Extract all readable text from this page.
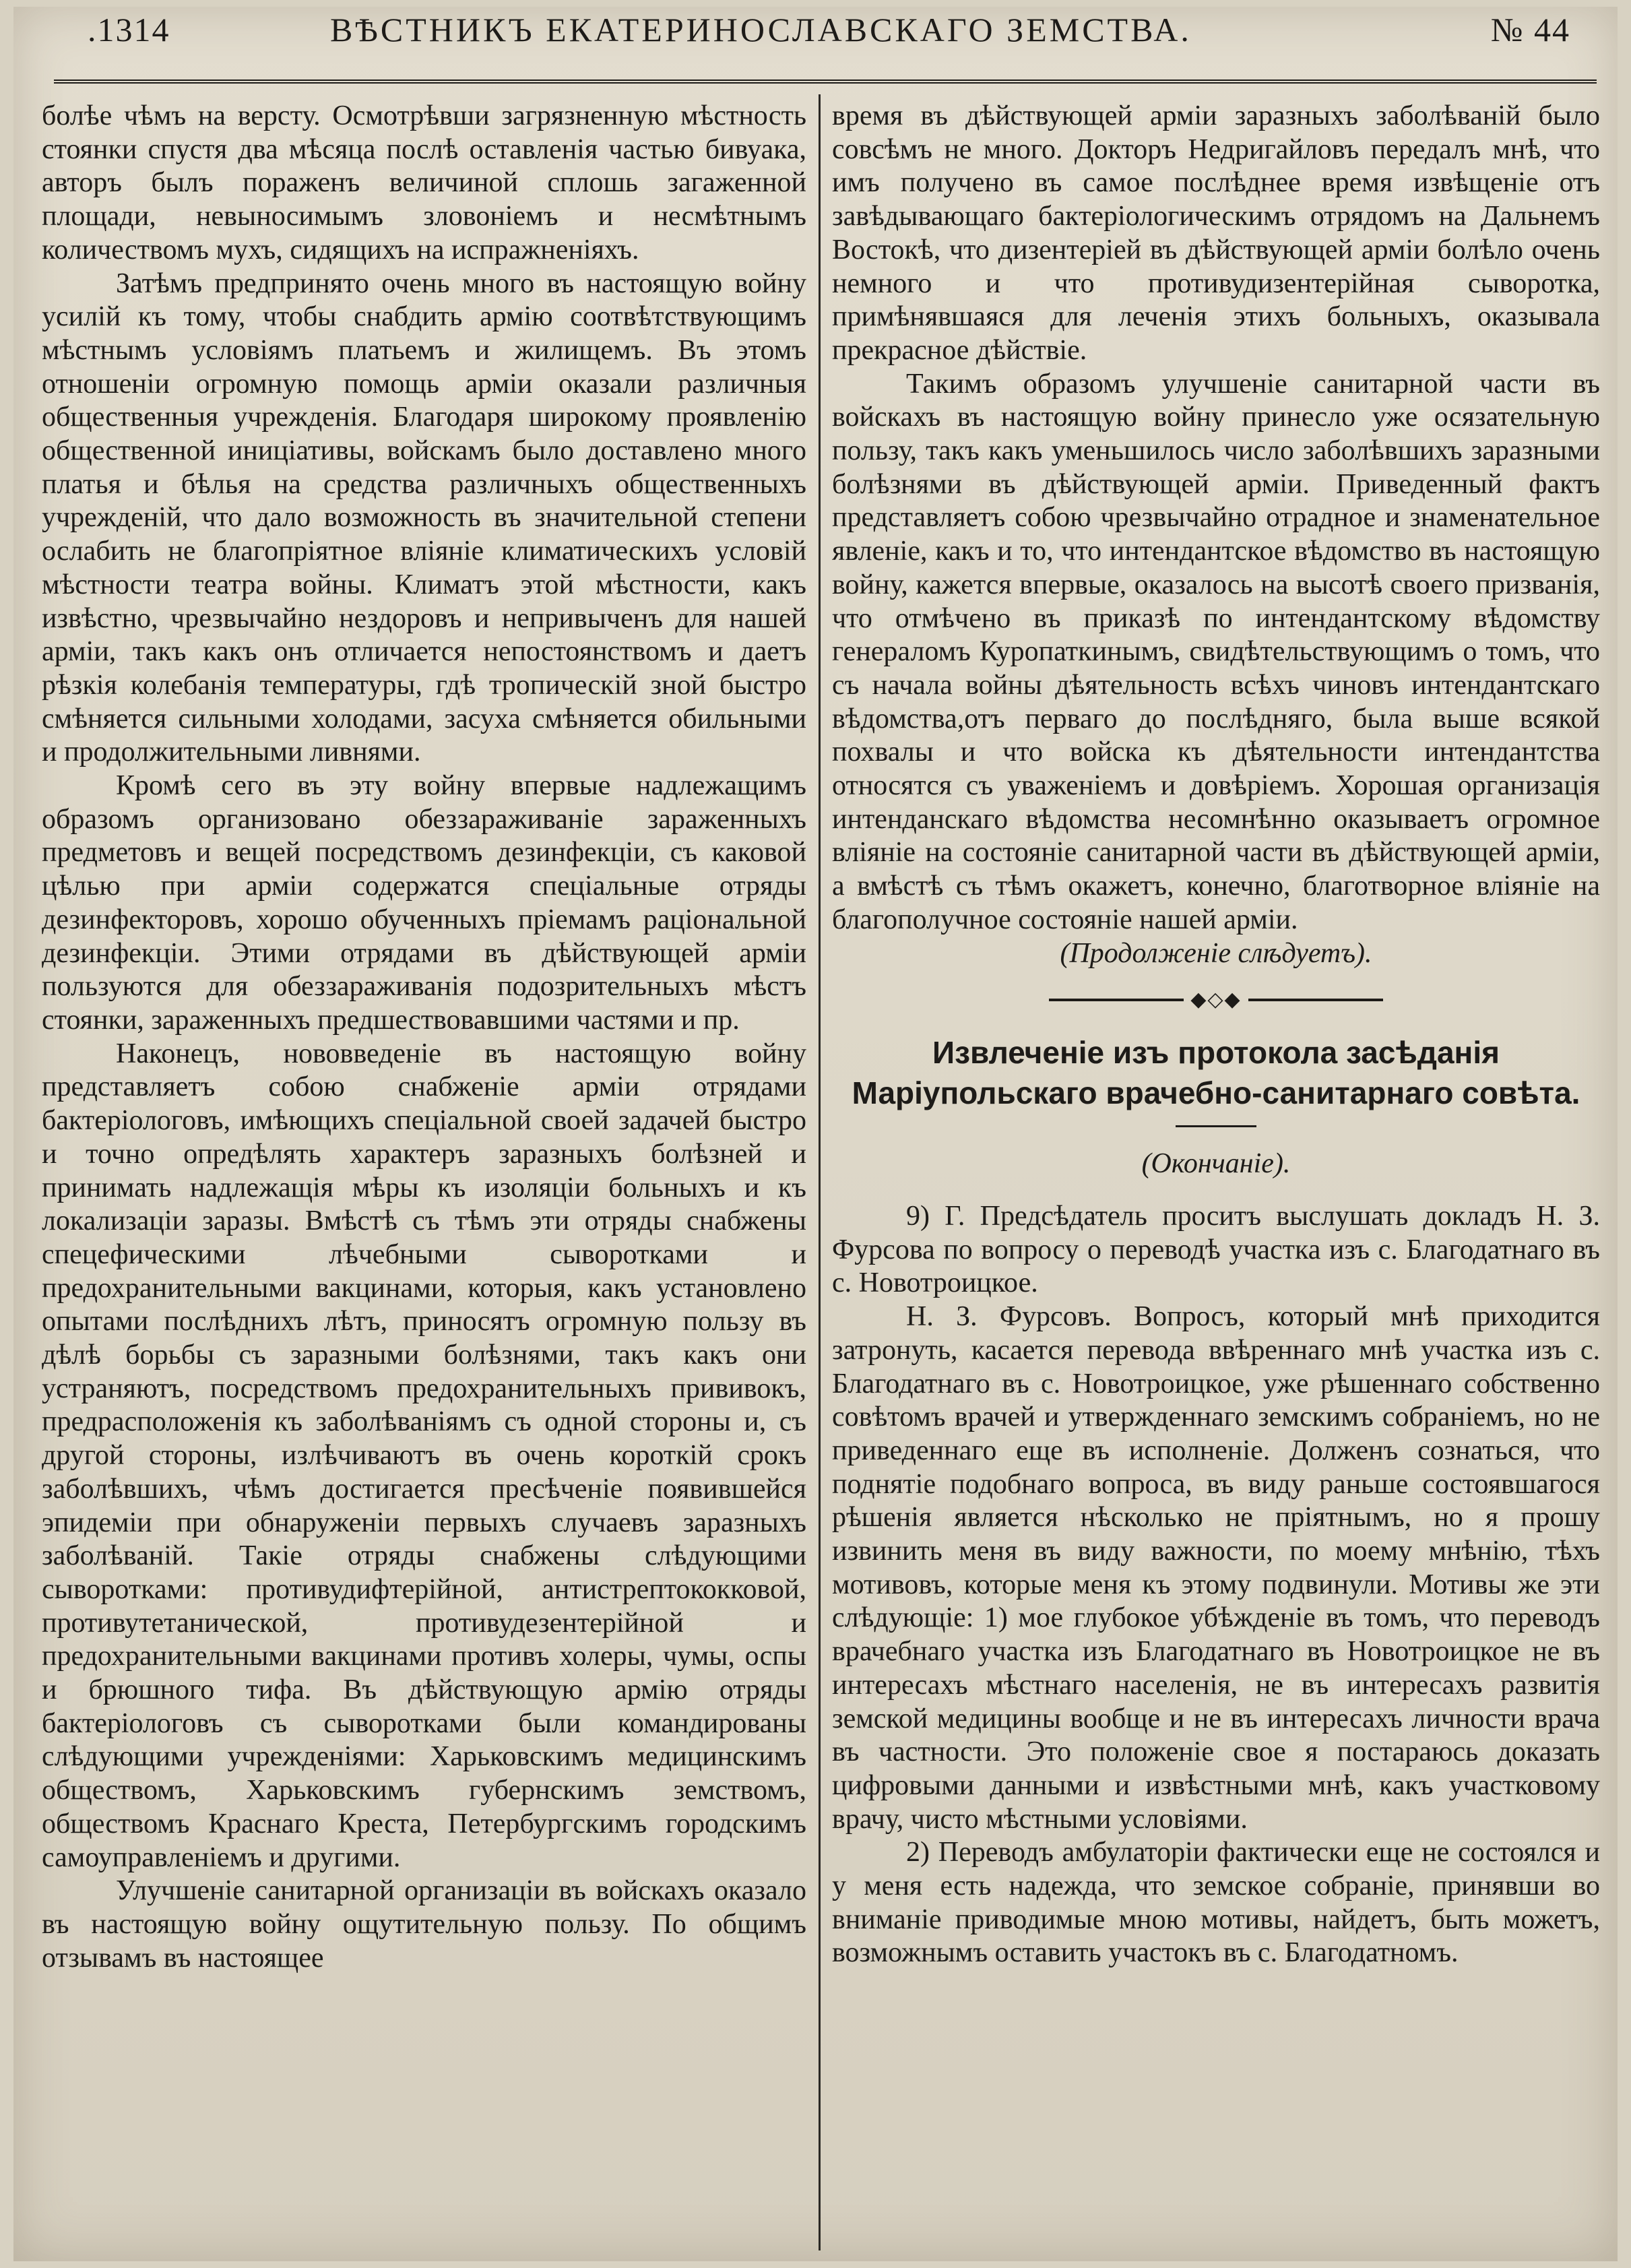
.1314	ВѢСТНИКЪ ЕКАТЕРИНОСЛАВСКАГО ЗЕМСТВА.	№ 44

болѣе чѣмъ на версту. Осмотрѣвши загрязненную мѣстность стоянки спустя два мѣсяца послѣ оставленія частью бивуака, авторъ былъ пораженъ величиной сплошь загаженной площади, невыносимымъ зловоніемъ и несмѣтнымъ количествомъ мухъ, сидящихъ на испражненіяхъ.

Затѣмъ предпринято очень много въ настоящую войну усилій къ тому, чтобы снабдить армію соотвѣтствующимъ мѣстнымъ условіямъ платьемъ и жилищемъ. Въ этомъ отношеніи огромную помощь арміи оказали различныя общественныя учрежденія. Благодаря широкому проявленію общественной иниціативы, войскамъ было доставлено много платья и бѣлья на средства различныхъ общественныхъ учрежденій, что дало возможность въ значительной степени ослабить не благопріятное вліяніе климатическихъ условій мѣстности театра войны. Климатъ этой мѣстности, какъ извѣстно, чрезвычайно нездоровъ и непривыченъ для нашей арміи, такъ какъ онъ отличается непостоянствомъ и даетъ рѣзкія колебанія температуры, гдѣ тропическій зной быстро смѣняется сильными холодами, засуха смѣняется обильными и продолжительными ливнями.

Кромѣ сего въ эту войну впервые надлежащимъ образомъ организовано обеззараживаніе зараженныхъ предметовъ и вещей посредствомъ дезинфекціи, съ каковой цѣлью при арміи содержатся спеціальные отряды дезинфекторовъ, хорошо обученныхъ пріемамъ раціональной дезинфекціи. Этими отрядами въ дѣйствующей арміи пользуются для обеззараживанія подозрительныхъ мѣстъ стоянки, зараженныхъ предшествовавшими частями и пр.

Наконецъ, нововведеніе въ настоящую войну представляетъ собою снабженіе арміи отрядами бактеріологовъ, имѣющихъ спеціальной своей задачей быстро и точно опредѣлять характеръ заразныхъ болѣзней и принимать надлежащія мѣры къ изоляціи больныхъ и къ локализаціи заразы. Вмѣстѣ съ тѣмъ эти отряды снабжены спецефическими лѣчебными сыворотками и предохранительными вакцинами, которыя, какъ установлено опытами послѣднихъ лѣтъ, приносятъ огромную пользу въ дѣлѣ борьбы съ заразными болѣзнями, такъ какъ они устраняютъ, посредствомъ предохранительныхъ прививокъ, предрасположенія къ заболѣваніямъ съ одной стороны и, съ другой стороны, излѣчиваютъ въ очень короткій срокъ заболѣвшихъ, чѣмъ достигается пресѣченіе появившейся эпидеміи при обнаруженіи первыхъ случаевъ заразныхъ заболѣваній. Такіе отряды снабжены слѣдующими сыворотками: противудифтерійной, антистрептококковой, противутетанической, противудезентерійной и предохранительными вакцинами противъ холеры, чумы, оспы и брюшного тифа. Въ дѣйствующую армію отряды бактеріологовъ съ сыворотками были командированы слѣдующими учрежденіями: Харьковскимъ медицинскимъ обществомъ, Харьковскимъ губернскимъ земствомъ, обществомъ Краснаго Креста, Петербургскимъ городскимъ самоуправленіемъ и другими.

Улучшеніе санитарной организаціи въ войскахъ оказало въ настоящую войну ощутительную пользу. По общимъ отзывамъ въ настоящее

время въ дѣйствующей арміи заразныхъ заболѣваній было совсѣмъ не много. Докторъ Недригайловъ передалъ мнѣ, что имъ получено въ самое послѣднее время извѣщеніе отъ завѣдывающаго бактеріологическимъ отрядомъ на Дальнемъ Востокѣ, что дизентеріей въ дѣйствующей арміи болѣло очень немного и что противудизентерійная сыворотка, примѣнявшаяся для леченія этихъ больныхъ, оказывала прекрасное дѣйствіе.

Такимъ образомъ улучшеніе санитарной части въ войскахъ въ настоящую войну принесло уже осязательную пользу, такъ какъ уменьшилось число заболѣвшихъ заразными болѣзнями въ дѣйствующей арміи. Приведенный фактъ представляетъ собою чрезвычайно отрадное и знаменательное явленіе, какъ и то, что интендантское вѣдомство въ настоящую войну, кажется впервые, оказалось на высотѣ своего призванія, что отмѣчено въ приказѣ по интендантскому вѣдомству генераломъ Куропаткинымъ, свидѣтельствующимъ о томъ, что съ начала войны дѣятельность всѣхъ чиновъ интендантскаго вѣдомства,отъ перваго до послѣдняго, была выше всякой похвалы и что войска къ дѣятельности интендантства относятся съ уваженіемъ и довѣріемъ. Хорошая организація интенданскаго вѣдомства несомнѣнно оказываетъ огромное вліяніе на состояніе санитарной части въ дѣйствующей арміи, а вмѣстѣ съ тѣмъ окажетъ, конечно, благотворное вліяніе на благополучное состояніе нашей арміи.

(Продолженіе слѣдуетъ).

◆◇◆
Извлеченіе изъ протокола засѣданія Маріупольскаго врачебно-санитарнаго совѣта.

(Окончаніе).

9) Г. Предсѣдатель проситъ выслушать докладъ Н. З. Фурсова по вопросу о переводѣ участка изъ с. Благодатнаго въ с. Новотроицкое.

Н. З. Фурсовъ. Вопросъ, который мнѣ приходится затронуть, касается перевода ввѣреннаго мнѣ участка изъ с. Благодатнаго въ с. Новотроицкое, уже рѣшеннаго собственно совѣтомъ врачей и утвержденнаго земскимъ собраніемъ, но не приведеннаго еще въ исполненіе. Долженъ сознаться, что поднятіе подобнаго вопроса, въ виду раньше состоявшагося рѣшенія является нѣсколько не пріятнымъ, но я прошу извинить меня въ виду важности, по моему мнѣнію, тѣхъ мотивовъ, которые меня къ этому подвинули. Мотивы же эти слѣдующіе: 1) мое глубокое убѣжденіе въ томъ, что переводъ врачебнаго участка изъ Благодатнаго въ Новотроицкое не въ интересахъ мѣстнаго населенія, не въ интересахъ развитія земской медицины вообще и не въ интересахъ личности врача въ частности. Это положеніе свое я постараюсь доказать цифровыми данными и извѣстными мнѣ, какъ участковому врачу, чисто мѣстными условіями.

2) Переводъ амбулаторіи фактически еще не состоялся и у меня есть надежда, что земское собраніе, принявши во вниманіе приводимые мною мотивы, найдетъ, быть можетъ, возможнымъ оставить участокъ въ с. Благодатномъ.
